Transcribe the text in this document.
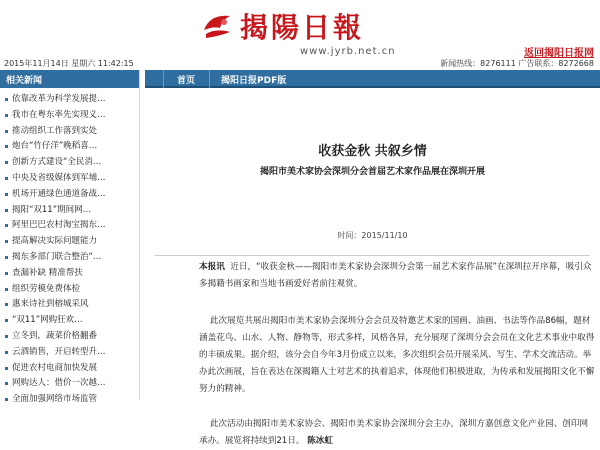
揭陽日報
www.jyrb.net.cn
2015年11月14日 星期六 11:42:15
返回揭阳日报网
新闻热线：8276111 广告联系：8272668
首页	揭阳日报PDF版
相关新闻
依靠改革为科学发展提…
我市在粤东率先实现义…
推动组织工作落到实处
炮台“竹仔洋”晚稻喜…
创新方式建设“全民消…
中央及省级媒体到军埔…
机场开通绿色通道备战…
揭阳“双11”期间网…
阿里巴巴农村淘宝揭东…
提高解决实际问题能力
揭东多部门联合整治“…
查漏补缺 精准帮扶
组织劳模免费体检
惠来诗社到榕城采风
“双11”网购狂欢…
立冬到，蔬菜价格翻番
云酒销售，开启转型升…
促进农村电商加快发展
网购达人：借价一次越…
全面加强网络市场监管
收获金秋 共叙乡情
揭阳市美术家协会深圳分会首届艺术家作品展在深圳开展
时间：2015/11/10

本报讯 近日，“收获金秋——揭阳市美术家协会深圳分会第一届艺术家作品展”在深圳拉开序幕，吸引众多揭籍书画家和当地书画爱好者前往观赏。

此次展览共展出揭阳市美术家协会深圳分会会员及特邀艺术家的国画、油画、书法等作品86幅，题材涵盖花鸟、山水、人物、静物等，形式多样，风格各异，充分展现了深圳分会会员在文化艺术事业中取得的丰硕成果。据介绍，该分会自今年3月份成立以来，多次组织会员开展采风、写生、学术交流活动。举办此次画展，旨在表达在深揭籍人士对艺术的执着追求，体现他们积极进取，为传承和发展揭阳文化不懈努力的精神。

此次活动由揭阳市美术家协会、揭阳市美术家协会深圳分会主办，深圳方嘉创意文化产业园、创印网承办。展览将持续到21日。 陈冰虹
